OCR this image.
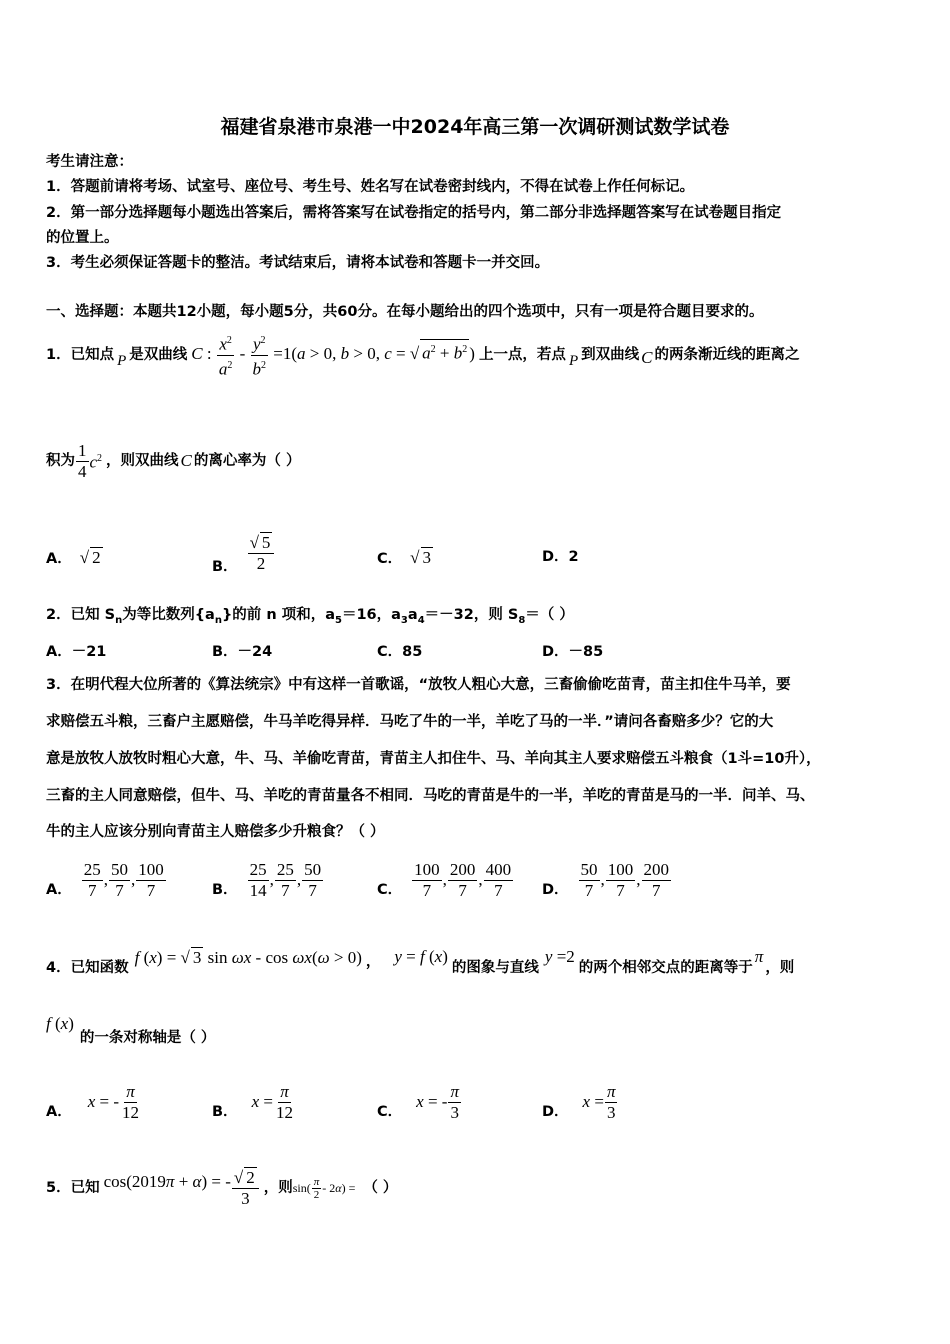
福建省泉港市泉港一中2024年高三第一次调研测试数学试卷
考生请注意：
1．答题前请将考场、试室号、座位号、考生号、姓名写在试卷密封线内，不得在试卷上作任何标记。
2．第一部分选择题每小题选出答案后，需将答案写在试卷指定的括号内，第二部分非选择题答案写在试卷题目指定
的位置上。
3．考生必须保证答题卡的整洁。考试结束后，请将本试卷和答题卡一并交回。
一、选择题：本题共12小题，每小题5分，共60分。在每小题给出的四个选项中，只有一项是符合题目要求的。
1．已知点 P 是双曲线 C : $\frac{x^2}{a^2} - \frac{y^2}{b^2} =1(a > 0$, b > 0, c = √ $a^2 + b^2$ ) 上一点，若点 P 到双曲线 C 的两条渐近线的距离之
积为 $\frac{1}{4} c^2$ ，则双曲线 C 的离心率为（ ）
A． √ 2	B． $\frac{√ 5}{2}$	C． √ 3	D．2
2．已知 $S_n$为等比数列$\{a_n\}$的前 n 项和，$a_5=16$，$a_3a_4=-32$，则 $S_8=$（ ）
A．－21	B．－24	C．85	D．－85
3．在明代程大位所著的《算法统宗》中有这样一首歌谣，“放牧人粗心大意，三畜偷偷吃苗青，苗主扣住牛马羊，要
求赔偿五斗粮，三畜户主愿赔偿，牛马羊吃得异样．马吃了牛的一半，羊吃了马的一半．”请问各畜赔多少？它的大
意是放牧人放牧时粗心大意，牛、马、羊偷吃青苗，青苗主人扣住牛、马、羊向其主人要求赔偿五斗粮食（1斗=10升），
三畜的主人同意赔偿，但牛、马、羊吃的青苗量各不相同．马吃的青苗是牛的一半，羊吃的青苗是马的一半．问羊、马、
牛的主人应该分别向青苗主人赔偿多少升粮食？（ ）
A． $\frac{25}{7}$ , $\frac{50}{7}$ , $\frac{100}{7}$	B． $\frac{25}{14}$ , $\frac{25}{7}$ , $\frac{50}{7}$	C． $\frac{100}{7}$ , $\frac{200}{7}$ , $\frac{400}{7}$ D． $\frac{50}{7}$ , $\frac{100}{7}$ , $\frac{200}{7}$
4．已知函数
f (x) = √ 3 sin ωx - cos ωx(ω > 0) ， y = f (x)
的图象与直线
y =2
的两个相邻交点的距离等于
π
，则
f (x)
的一条对称轴是（ ）
A．
x = - $\frac{\pi}{12}$	B．
$x = \frac{\pi}{12}$	C．
x = - $\frac{\pi}{3}$	D．
$x = \frac{\pi}{3}$
5．已知 cos(2019π + α) = - $\frac{√ 2}{3}$ ，则 $\sin( \frac{\pi}{2} - 2\alpha)$ = （ ）
